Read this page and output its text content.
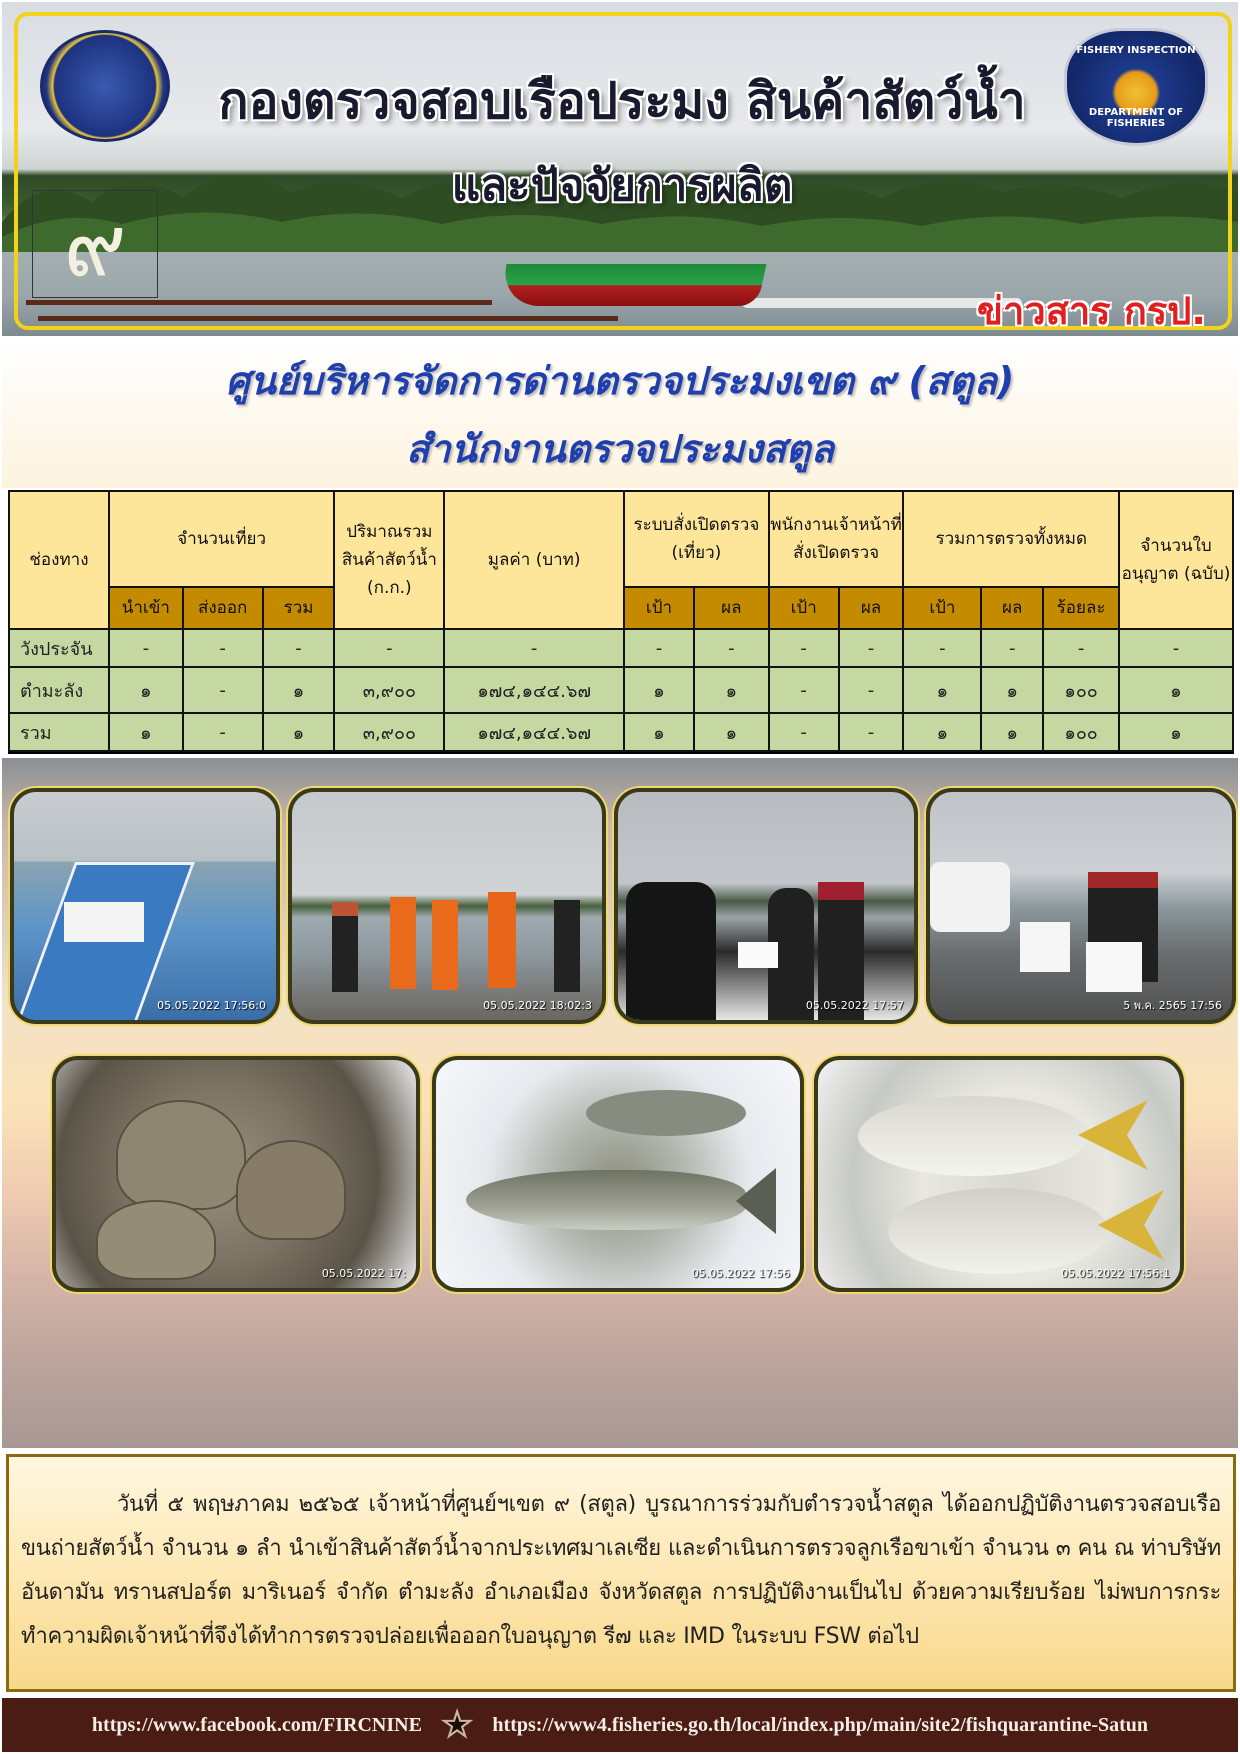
FISHERY INSPECTION
DEPARTMENT OF FISHERIES
กองตรวจสอบเรือประมง สินค้าสัตว์น้ำ
และปัจจัยการผลิต
๙
ข่าวสาร กรป.
ศูนย์บริหารจัดการด่านตรวจประมงเขต ๙ (สตูล)
สำนักงานตรวจประมงสตูล
ช่องทาง	จำนวนเที่ยว			ปริมาณรวมสินค้าสัตว์น้ำ (ก.ก.)	มูลค่า (บาท)	ระบบสั่งเปิดตรวจ (เที่ยว)		พนักงานเจ้าหน้าที่สั่งเปิดตรวจ		รวมการตรวจทั้งหมด			จำนวนใบอนุญาต (ฉบับ)
	นำเข้า	ส่งออก	รวม			เป้า	ผล	เป้า	ผล	เป้า	ผล	ร้อยละ	
วังประจัน	-	-	-	-	-	-	-	-	-	-	-	-	-
ตำมะลัง	๑	-	๑	๓,๙๐๐	๑๗๔,๑๔๔.๖๗	๑	๑	-	-	๑	๑	๑๐๐	๑
รวม	๑	-	๑	๓,๙๐๐	๑๗๔,๑๔๔.๖๗	๑	๑	-	-	๑	๑	๑๐๐	๑
05.05.2022 17:56:0	05.05.2022 18:02:3	05.05.2022 17:57	5 พ.ค. 2565 17:56
05.05.2022 17:	05.05.2022 17:56	05.05.2022 17:56:1

วันที่ ๕ พฤษภาคม ๒๕๖๕ เจ้าหน้าที่ศูนย์ฯเขต ๙ (สตูล) บูรณาการร่วมกับตำรวจน้ำสตูล ได้ออกปฏิบัติงานตรวจสอบเรือขนถ่ายสัตว์น้ำ จำนวน ๑ ลำ นำเข้าสินค้าสัตว์น้ำจากประเทศมาเลเซีย และดำเนินการตรวจลูกเรือขาเข้า จำนวน ๓ คน ณ ท่าบริษัทอันดามัน ทรานสปอร์ต มาริเนอร์ จำกัด ตำมะลัง อำเภอเมือง จังหวัดสตูล การปฏิบัติงานเป็นไป ด้วยความเรียบร้อย ไม่พบการกระทำความผิดเจ้าหน้าที่จึงได้ทำการตรวจปล่อยเพื่อออกใบอนุญาต รี๗ และ IMD ในระบบ FSW ต่อไป

https://www.facebook.com/FIRCNINE ★ https://www4.fisheries.go.th/local/index.php/main/site2/fishquarantine-Satun
